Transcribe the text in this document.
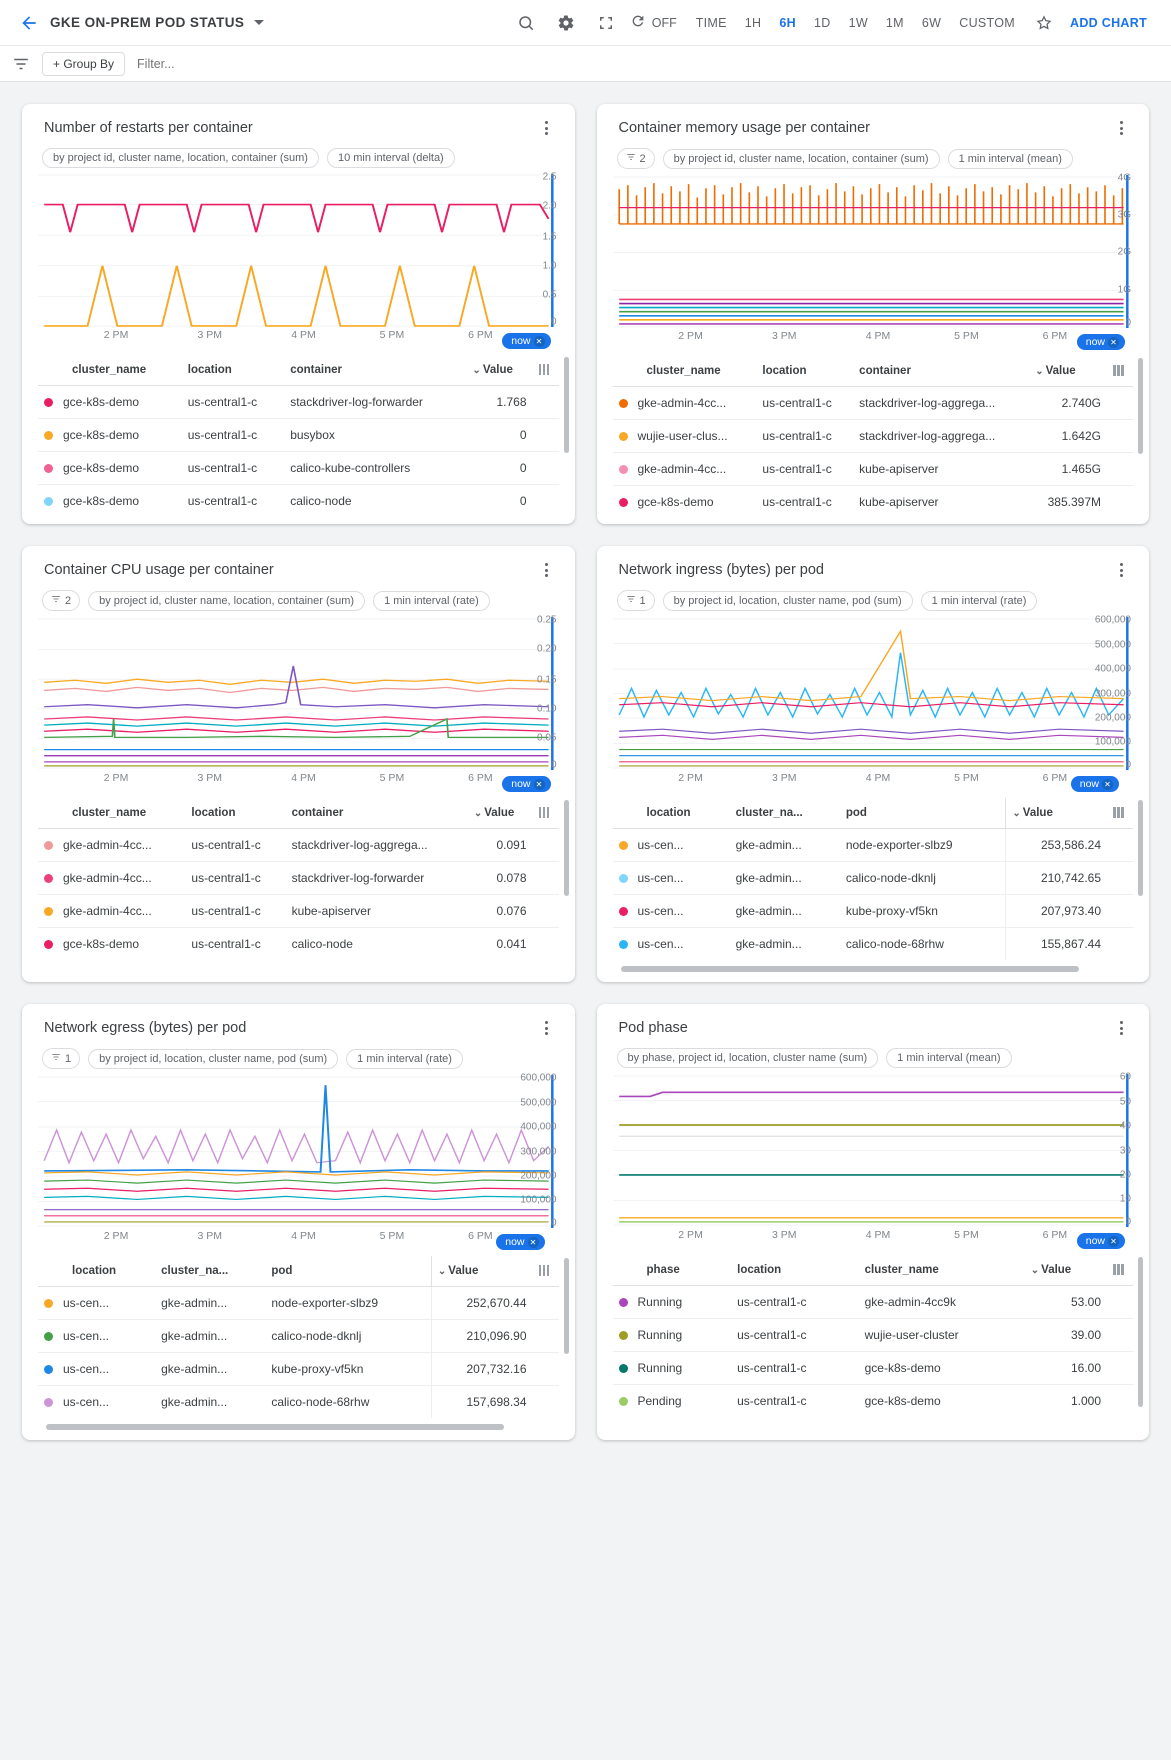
GKE ON-PREM POD STATUS	OFF	TIME	1H	6H	1D	1W	1M	6W	CUSTOM	ADD CHART
+ Group By
Filter...
Number of restarts per container
by project id, cluster name, location, container (sum)	10 min interval (delta)
2.5
2.0
1.5
1.0
0.5
0
2 PM	3 PM	4 PM	5 PM	6 PM now ✕
cluster_name	location	container	⌄ Value	

gce-k8s-demo	us-central1-c	stackdriver-log-forwarder	1.768	
gce-k8s-demo	us-central1-c	busybox	0	
gce-k8s-demo	us-central1-c	calico-kube-controllers	0	
gce-k8s-demo	us-central1-c	calico-node	0	
Container memory usage per container
2	by project id, cluster name, location, container (sum)	1 min interval (mean)
4G
3G
2G
1G
0
2 PM	3 PM	4 PM	5 PM	6 PM now ✕
cluster_name	location	container	⌄ Value	

gke-admin-4cc...	us-central1-c	stackdriver-log-aggrega...	2.740G	
wujie-user-clus...	us-central1-c	stackdriver-log-aggrega...	1.642G	
gke-admin-4cc...	us-central1-c	kube-apiserver	1.465G	
gce-k8s-demo	us-central1-c	kube-apiserver	385.397M	
Container CPU usage per container
2	by project id, cluster name, location, container (sum)	1 min interval (rate)
0.25
0.20
0.15
0.10
0.05
0
2 PM	3 PM	4 PM	5 PM	6 PM now ✕
cluster_name	location	container	⌄ Value	

gke-admin-4cc...	us-central1-c	stackdriver-log-aggrega...	0.091	
gke-admin-4cc...	us-central1-c	stackdriver-log-forwarder	0.078	
gke-admin-4cc...	us-central1-c	kube-apiserver	0.076	
gce-k8s-demo	us-central1-c	calico-node	0.041	
Network ingress (bytes) per pod
1	by project id, location, cluster name, pod (sum)	1 min interval (rate)
600,000
500,000
400,000
300,000
200,000
100,000
0
2 PM	3 PM	4 PM	5 PM	6 PM now ✕
location	cluster_na...	pod	⌄ Value	

us-cen...	gke-admin...	node-exporter-slbz9	253,586.24	
us-cen...	gke-admin...	calico-node-dknlj	210,742.65	
us-cen...	gke-admin...	kube-proxy-vf5kn	207,973.40	
us-cen...	gke-admin...	calico-node-68rhw	155,867.44	
Network egress (bytes) per pod
1	by project id, location, cluster name, pod (sum)	1 min interval (rate)
600,000
500,000
400,000
300,000
200,000
100,000
0
2 PM	3 PM	4 PM	5 PM	6 PM now ✕
location	cluster_na...	pod	⌄ Value	

us-cen...	gke-admin...	node-exporter-slbz9	252,670.44	
us-cen...	gke-admin...	calico-node-dknlj	210,096.90	
us-cen...	gke-admin...	kube-proxy-vf5kn	207,732.16	
us-cen...	gke-admin...	calico-node-68rhw	157,698.34	
Pod phase
by phase, project id, location, cluster name (sum)	1 min interval (mean)
60
50
40
30
20
10
0
2 PM	3 PM	4 PM	5 PM	6 PM now ✕
phase	location	cluster_name	⌄ Value	

Running	us-central1-c	gke-admin-4cc9k	53.00	
Running	us-central1-c	wujie-user-cluster	39.00	
Running	us-central1-c	gce-k8s-demo	16.00	
Pending	us-central1-c	gce-k8s-demo	1.000	
